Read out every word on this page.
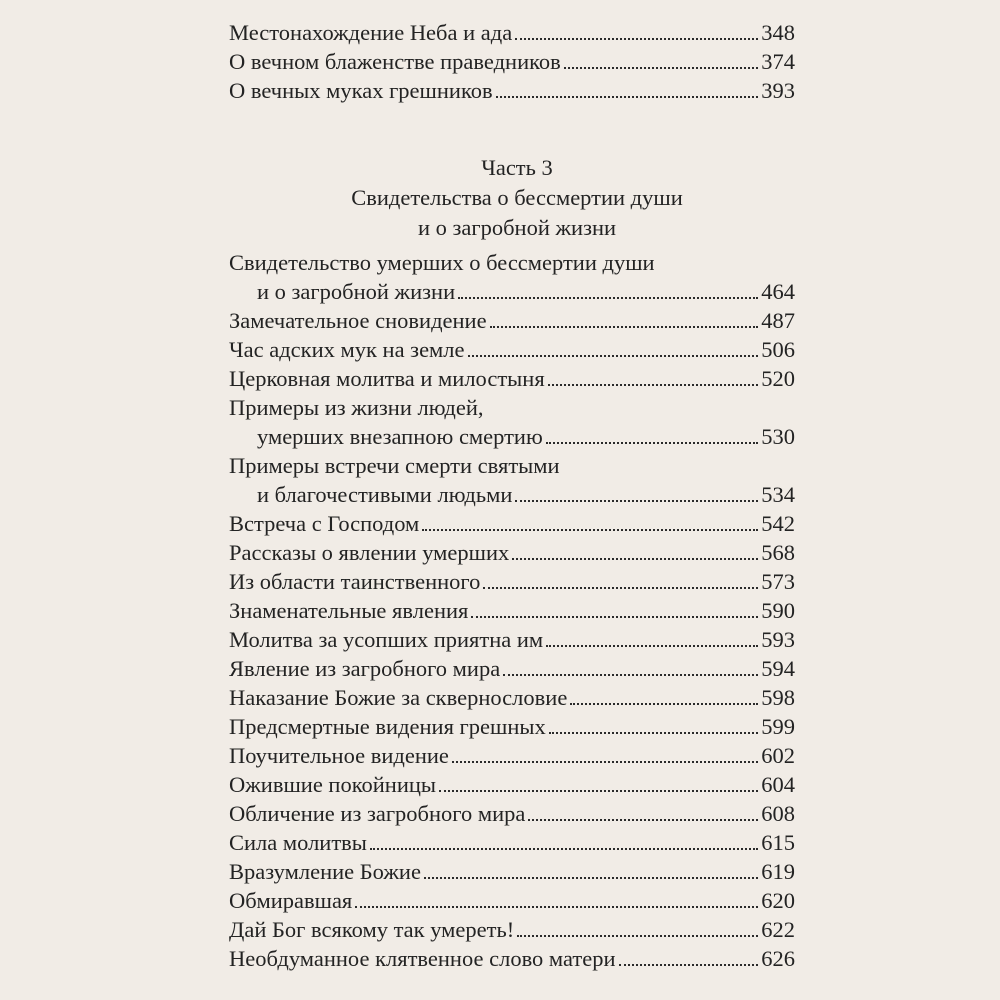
Местонахождение Неба и ада	348
О вечном блаженстве праведников	374
О вечных муках грешников	393
Часть 3
Свидетельства о бессмертии души
и о загробной жизни
Свидетельство умерших о бессмертии души
и о загробной жизни	464
Замечательное сновидение	487
Час адских мук на земле	506
Церковная молитва и милостыня	520
Примеры из жизни людей,
умерших внезапною смертию	530
Примеры встречи смерти святыми
и благочестивыми людьми	534
Встреча с Господом	542
Рассказы о явлении умерших	568
Из области таинственного	573
Знаменательные явления	590
Молитва за усопших приятна им	593
Явление из загробного мира	594
Наказание Божие за сквернословие	598
Предсмертные видения грешных	599
Поучительное видение	602
Ожившие покойницы	604
Обличение из загробного мира	608
Сила молитвы	615
Вразумление Божие	619
Обмиравшая	620
Дай Бог всякому так умереть!	622
Необдуманное клятвенное слово матери	626
